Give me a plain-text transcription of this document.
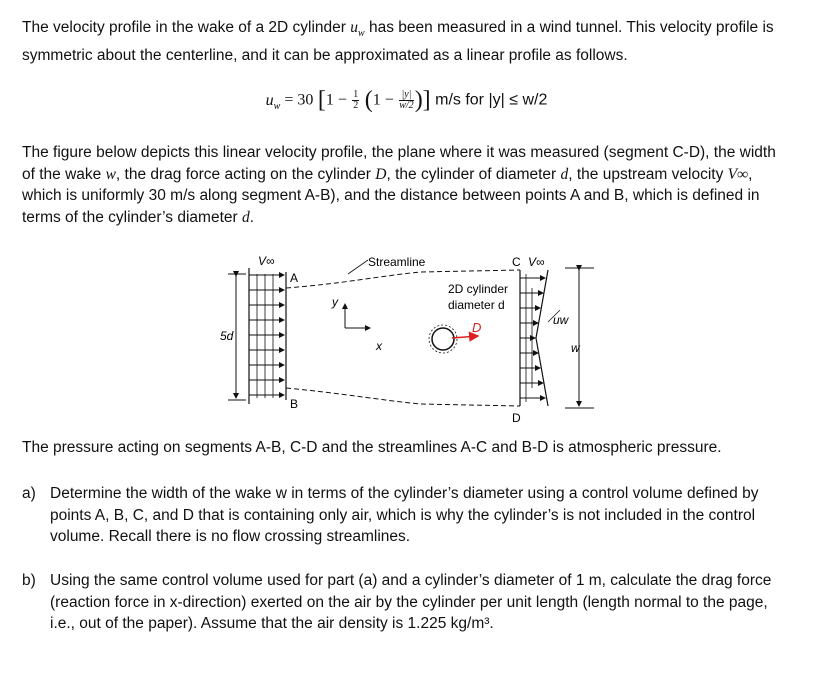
The velocity profile in the wake of a 2D cylinder $u_w$ has been measured in a wind tunnel. This velocity profile is symmetric about the centerline, and it can be approximated as a linear profile as follows.
$u_w = 30$ [$1 - \frac{1}{2} (1 - \frac{|y|}{w/2}$ )] m/s for |y| ≤ w/2
The figure below depicts this linear velocity profile, the plane where it was measured (segment C-D), the width of the wake w, the drag force acting on the cylinder D, the cylinder of diameter d, the upstream velocity V∞, which is uniformly 30 m/s along segment A-B), and the distance between points A and B, which is defined in terms of the cylinder’s diameter d.
5d
V∞
A
B
Streamline
y
x
D
2D cylinder
diameter d
C V∞
D
uw
w
The pressure acting on segments A-B, C-D and the streamlines A-C and B-D is atmospheric pressure.
a) Determine the width of the wake w in terms of the cylinder’s diameter using a control volume defined by points A, B, C, and D that is containing only air, which is why the cylinder’s is not included in the control volume. Recall there is no flow crossing streamlines.
b) Using the same control volume used for part (a) and a cylinder’s diameter of 1 m, calculate the drag force (reaction force in x-direction) exerted on the air by the cylinder per unit length (length normal to the page, i.e., out of the paper). Assume that the air density is 1.225 kg/m³.
